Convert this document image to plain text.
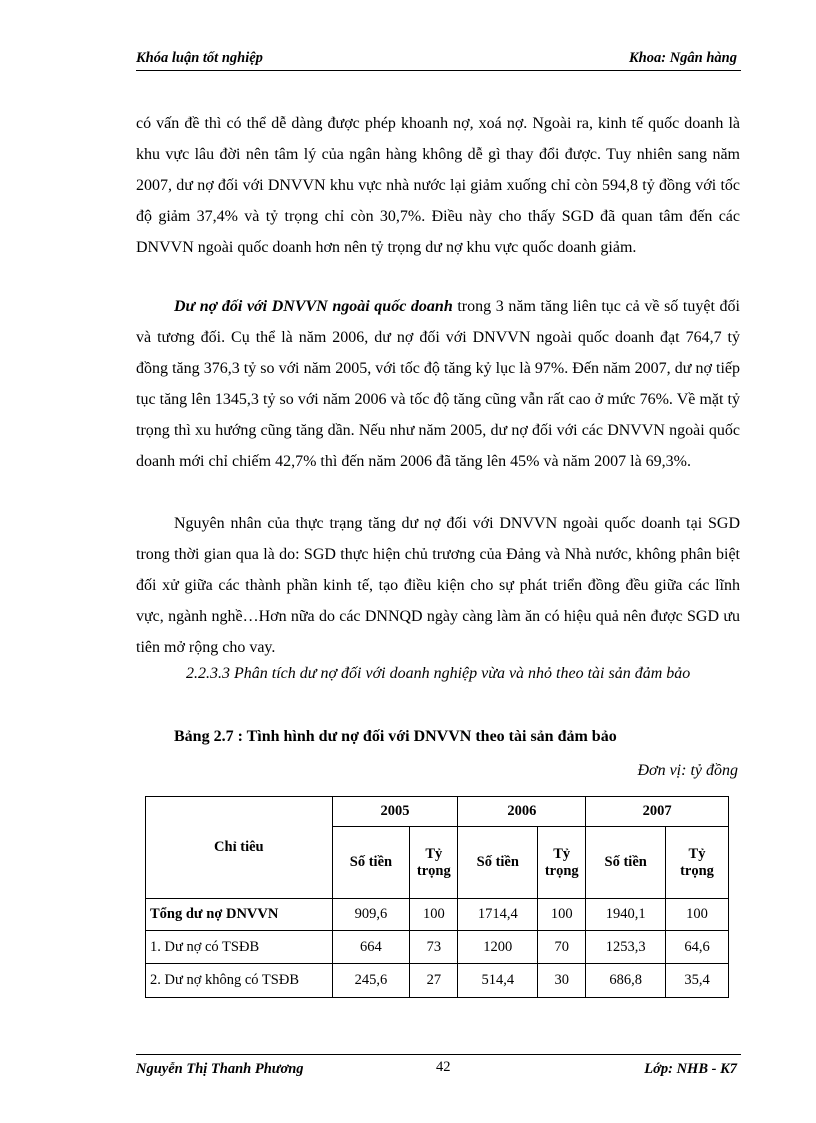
Khóa luận tốt nghiệp	Khoa: Ngân hàng

có vấn đề thì có thể dễ dàng được phép khoanh nợ, xoá nợ. Ngoài ra, kinh tế quốc doanh là khu vực lâu đời nên tâm lý của ngân hàng không dễ gì thay đổi được. Tuy nhiên sang năm 2007, dư nợ đối với DNVVN khu vực nhà nước lại giảm xuống chỉ còn 594,8 tỷ đồng với tốc độ giảm 37,4% và tỷ trọng chỉ còn 30,7%. Điều này cho thấy SGD đã quan tâm đến các DNVVN ngoài quốc doanh hơn nên tỷ trọng dư nợ khu vực quốc doanh giảm.

Dư nợ đối với DNVVN ngoài quốc doanh trong 3 năm tăng liên tục cả về số tuyệt đối và tương đối. Cụ thể là năm 2006, dư nợ đối với DNVVN ngoài quốc doanh đạt 764,7 tỷ đồng tăng 376,3 tỷ so với năm 2005, với tốc độ tăng kỷ lục là 97%. Đến năm 2007, dư nợ tiếp tục tăng lên 1345,3 tỷ so với năm 2006 và tốc độ tăng cũng vẫn rất cao ở mức 76%. Về mặt tỷ trọng thì xu hướng cũng tăng dần. Nếu như năm 2005, dư nợ đối với các DNVVN ngoài quốc doanh mới chỉ chiếm 42,7% thì đến năm 2006 đã tăng lên 45% và năm 2007 là 69,3%.

Nguyên nhân của thực trạng tăng dư nợ đối với DNVVN ngoài quốc doanh tại SGD trong thời gian qua là do: SGD thực hiện chủ trương của Đảng và Nhà nước, không phân biệt đối xử giữa các thành phần kinh tế, tạo điều kiện cho sự phát triển đồng đều giữa các lĩnh vực, ngành nghề…Hơn nữa do các DNNQD ngày càng làm ăn có hiệu quả nên được SGD ưu tiên mở rộng cho vay.

2.2.3.3 Phân tích dư nợ đối với doanh nghiệp vừa và nhỏ theo tài sản đảm bảo

Bảng 2.7 : Tình hình dư nợ đối với DNVVN theo tài sản đảm bảo
Đơn vị: tỷ đồng
Chỉ tiêu	2005		2006		2007	
	Số tiền	Tỷ trọng	Số tiền	Tỷ trọng	Số tiền	Tỷ trọng
Tổng dư nợ DNVVN	909,6	100	1714,4	100	1940,1	100
1. Dư nợ có TSĐB	664	73	1200	70	1253,3	64,6
2. Dư nợ không có TSĐB	245,6	27	514,4	30	686,8	35,4
Nguyễn Thị Thanh Phương	42	Lớp: NHB - K7
